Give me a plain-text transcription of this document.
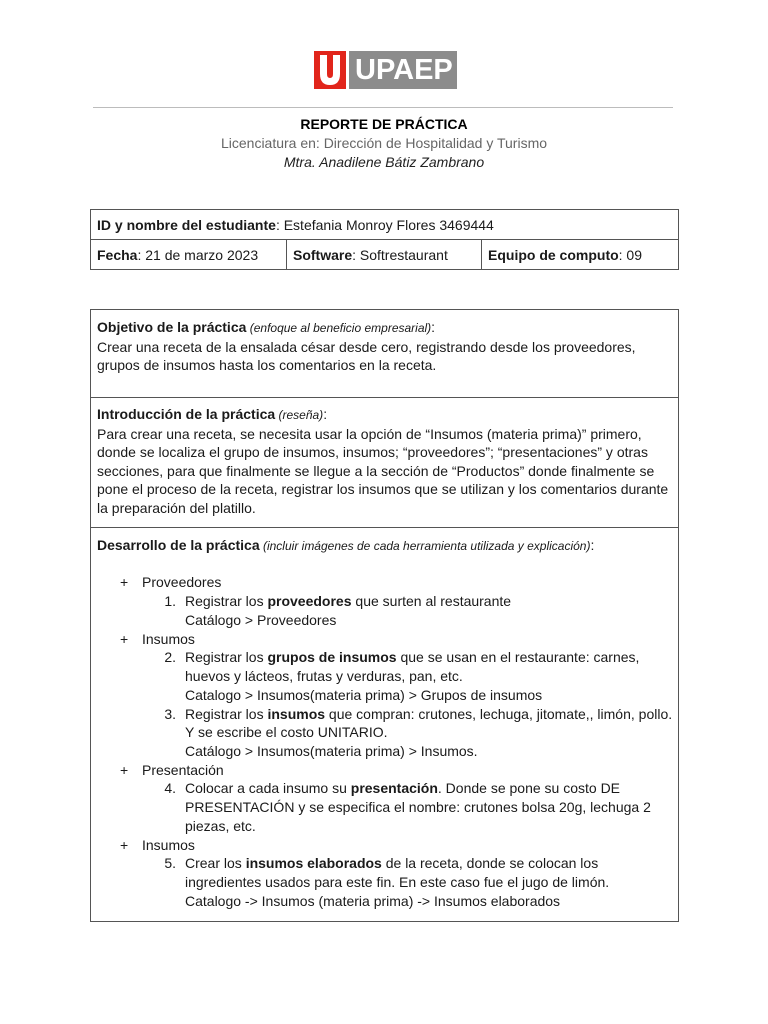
UPAEP
REPORTE DE PRÁCTICA
Licenciatura en: Dirección de Hospitalidad y Turismo
Mtra. Anadilene Bátiz Zambrano
ID y nombre del estudiante: Estefania Monroy Flores 3469444
Fecha: 21 de marzo 2023	Software: Softrestaurant	Equipo de computo: 09
Objetivo de la práctica (enfoque al beneficio empresarial):
Crear una receta de la ensalada césar desde cero, registrando desde los proveedores,
grupos de insumos hasta los comentarios en la receta.
Introducción de la práctica (reseña):
Para crear una receta, se necesita usar la opción de “Insumos (materia prima)” primero,
donde se localiza el grupo de insumos, insumos; “proveedores”; “presentaciones” y otras
secciones, para que finalmente se llegue a la sección de “Productos” donde finalmente se
pone el proceso de la receta, registrar los insumos que se utilizan y los comentarios durante
la preparación del platillo.
Desarrollo de la práctica (incluir imágenes de cada herramienta utilizada y explicación):
+ Proveedores
1. Registrar los proveedores que surten al restaurante
Catálogo > Proveedores
+ Insumos
2. Registrar los grupos de insumos que se usan en el restaurante: carnes,
huevos y lácteos, frutas y verduras, pan, etc.
Catalogo > Insumos(materia prima) > Grupos de insumos
3. Registrar los insumos que compran: crutones, lechuga, jitomate,, limón, pollo.
Y se escribe el costo UNITARIO.
Catálogo > Insumos(materia prima) > Insumos.
+ Presentación
4. Colocar a cada insumo su presentación. Donde se pone su costo DE
PRESENTACIÓN y se especifica el nombre: crutones bolsa 20g, lechuga 2
piezas, etc.
+ Insumos
5. Crear los insumos elaborados de la receta, donde se colocan los
ingredientes usados para este fin. En este caso fue el jugo de limón.
Catalogo -> Insumos (materia prima) -> Insumos elaborados
